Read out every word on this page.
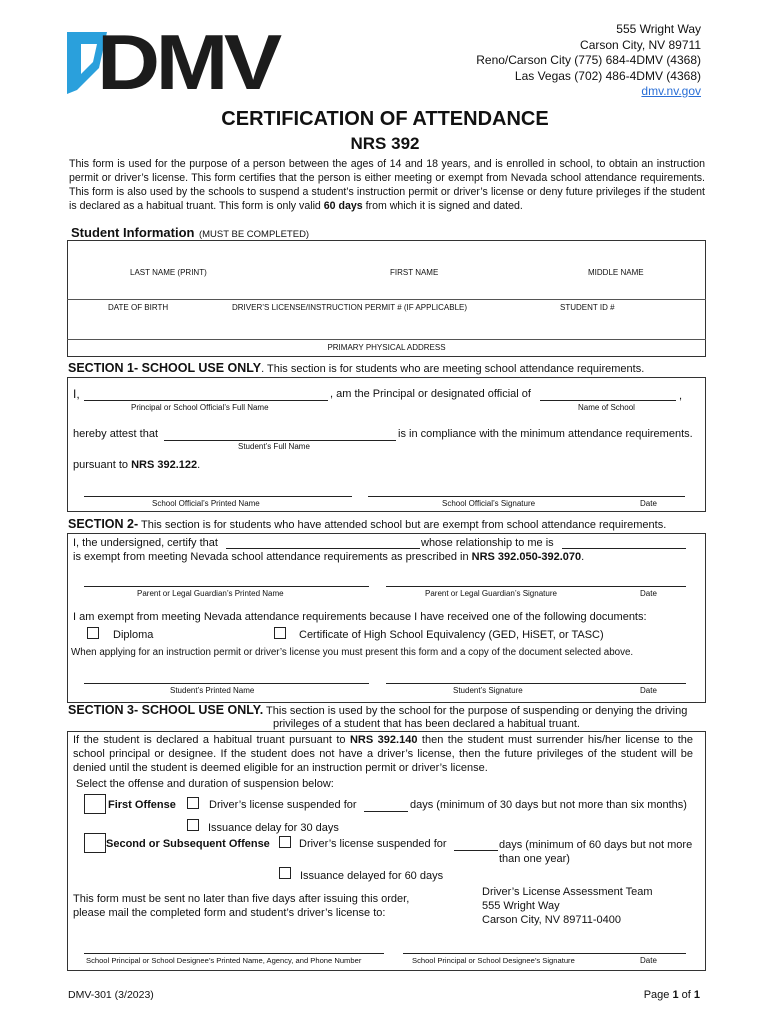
DMV	555 Wright Way
Carson City, NV 89711
Reno/Carson City (775) 684-4DMV (4368)
Las Vegas (702) 486-4DMV (4368)
dmv.nv.gov
CERTIFICATION OF ATTENDANCE
NRS 392
This form is used for the purpose of a person between the ages of 14 and 18 years, and is enrolled in school, to obtain an instruction permit or driver’s license. This form certifies that the person is either meeting or exempt from Nevada school attendance requirements. This form is also used by the schools to suspend a student’s instruction permit or driver’s license or deny future privileges if the student is declared as a habitual truant. This form is only valid 60 days from which it is signed and dated.
Student Information (MUST BE COMPLETED)
LAST NAME (PRINT)	FIRST NAME	MIDDLE NAME
DATE OF BIRTH	DRIVER’S LICENSE/INSTRUCTION PERMIT # (IF APPLICABLE)	STUDENT ID #
PRIMARY PHYSICAL ADDRESS
SECTION 1- SCHOOL USE ONLY. This section is for students who are meeting school attendance requirements.
I,	, am the Principal or designated official of	,
Principal or School Official’s Full Name	Name of School
hereby attest that	is in compliance with the minimum attendance requirements.
Student’s Full Name
pursuant to NRS 392.122.
School Official’s Printed Name	School Official’s Signature	Date
SECTION 2- This section is for students who have attended school but are exempt from school attendance requirements.
I, the undersigned, certify that	whose relationship to me is
is exempt from meeting Nevada school attendance requirements as prescribed in NRS 392.050-392.070.
Parent or Legal Guardian’s Printed Name	Parent or Legal Guardian’s Signature	Date
I am exempt from meeting Nevada attendance requirements because I have received one of the following documents:
Diploma	Certificate of High School Equivalency (GED, HiSET, or TASC)
When applying for an instruction permit or driver’s license you must present this form and a copy of the document selected above.
Student’s Printed Name	Student’s Signature	Date
SECTION 3- SCHOOL USE ONLY. This section is used by the school for the purpose of suspending or denying the driving
privileges of a student that has been declared a habitual truant.
If the student is declared a habitual truant pursuant to NRS 392.140 then the student must surrender his/her license to the school principal or designee. If the student does not have a driver’s license, then the future privileges of the student will be denied until the student is deemed eligible for an instruction permit or driver’s license.
Select the offense and duration of suspension below:
First Offense	Driver’s license suspended for	days (minimum of 30 days but not more than six months)
Issuance delay for 30 days
Second or Subsequent Offense	Driver’s license suspended for	days (minimum of 60 days but not more than one year)
Issuance delayed for 60 days
This form must be sent no later than five days after issuing this order, please mail the completed form and student’s driver’s license to:
Driver’s License Assessment Team
555 Wright Way
Carson City, NV 89711-0400
School Principal or School Designee’s Printed Name, Agency, and Phone Number	School Principal or School Designee’s Signature	Date
DMV-301 (3/2023)	Page 1 of 1
